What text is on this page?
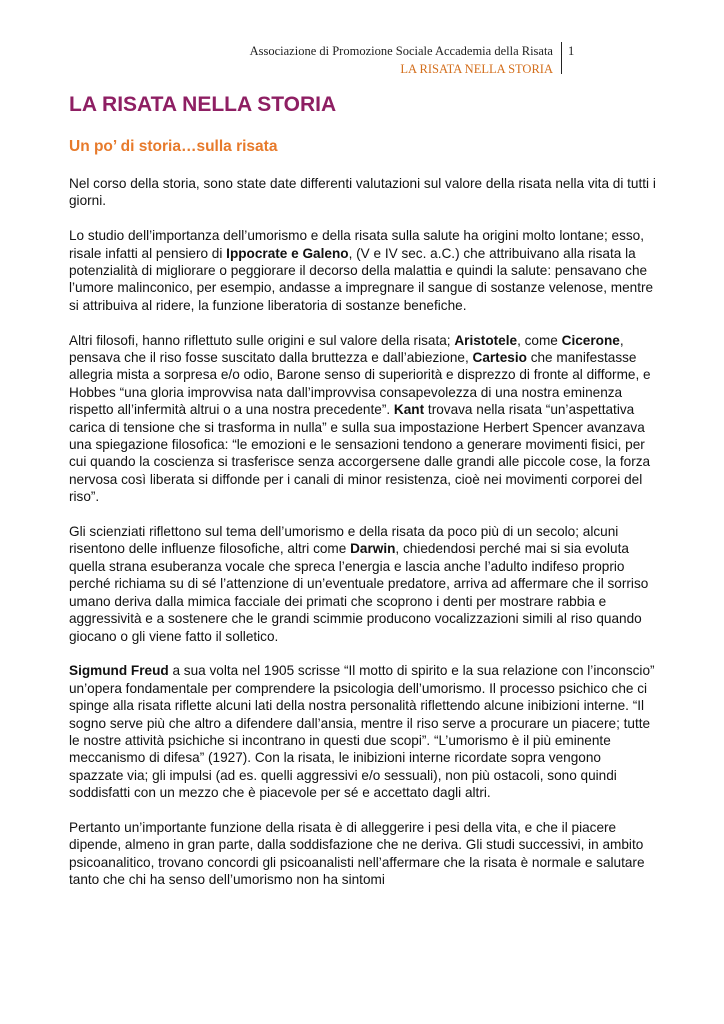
Associazione di Promozione Sociale Accademia della Risata
LA RISATA NELLA STORIA
1
LA RISATA NELLA STORIA
Un po’ di storia…sulla risata

Nel corso della storia, sono state date differenti valutazioni sul valore della risata nella vita di tutti i giorni.

Lo studio dell’importanza dell’umorismo e della risata sulla salute ha origini molto lontane; esso, risale infatti al pensiero di Ippocrate e Galeno, (V e IV sec. a.C.) che attribuivano alla risata la potenzialità di migliorare o peggiorare il decorso della malattia e quindi la salute: pensavano che l’umore malinconico, per esempio, andasse a impregnare il sangue di sostanze velenose, mentre si attribuiva al ridere, la funzione liberatoria di sostanze benefiche.

Altri filosofi, hanno riflettuto sulle origini e sul valore della risata; Aristotele, come Cicerone, pensava che il riso fosse suscitato dalla bruttezza e dall’abiezione, Cartesio che manifestasse allegria mista a sorpresa e/o odio, Barone senso di superiorità e disprezzo di fronte al difforme, e Hobbes “una gloria improvvisa nata dall’improvvisa consapevolezza di una nostra eminenza rispetto all’infermità altrui o a una nostra precedente”. Kant trovava nella risata “un’aspettativa carica di tensione che si trasforma in nulla” e sulla sua impostazione Herbert Spencer avanzava una spiegazione filosofica: “le emozioni e le sensazioni tendono a generare movimenti fisici, per cui quando la coscienza si trasferisce senza accorgersene dalle grandi alle piccole cose, la forza nervosa così liberata si diffonde per i canali di minor resistenza, cioè nei movimenti corporei del riso”.

Gli scienziati riflettono sul tema dell’umorismo e della risata da poco più di un secolo; alcuni risentono delle influenze filosofiche, altri come Darwin, chiedendosi perché mai si sia evoluta quella strana esuberanza vocale che spreca l’energia e lascia anche l’adulto indifeso proprio perché richiama su di sé l’attenzione di un’eventuale predatore, arriva ad affermare che il sorriso umano deriva dalla mimica facciale dei primati che scoprono i denti per mostrare rabbia e aggressività e a sostenere che le grandi scimmie producono vocalizzazioni simili al riso quando giocano o gli viene fatto il solletico.

Sigmund Freud a sua volta nel 1905 scrisse “Il motto di spirito e la sua relazione con l’inconscio” un’opera fondamentale per comprendere la psicologia dell’umorismo. Il processo psichico che ci spinge alla risata riflette alcuni lati della nostra personalità riflettendo alcune inibizioni interne. “Il sogno serve più che altro a difendere dall’ansia, mentre il riso serve a procurare un piacere; tutte le nostre attività psichiche si incontrano in questi due scopi”. “L’umorismo è il più eminente meccanismo di difesa” (1927). Con la risata, le inibizioni interne ricordate sopra vengono spazzate via; gli impulsi (ad es. quelli aggressivi e/o sessuali), non più ostacoli, sono quindi soddisfatti con un mezzo che è piacevole per sé e accettato dagli altri.

Pertanto un’importante funzione della risata è di alleggerire i pesi della vita, e che il piacere dipende, almeno in gran parte, dalla soddisfazione che ne deriva. Gli studi successivi, in ambito psicoanalitico, trovano concordi gli psicoanalisti nell’affermare che la risata è normale e salutare tanto che chi ha senso dell’umorismo non ha sintomi
